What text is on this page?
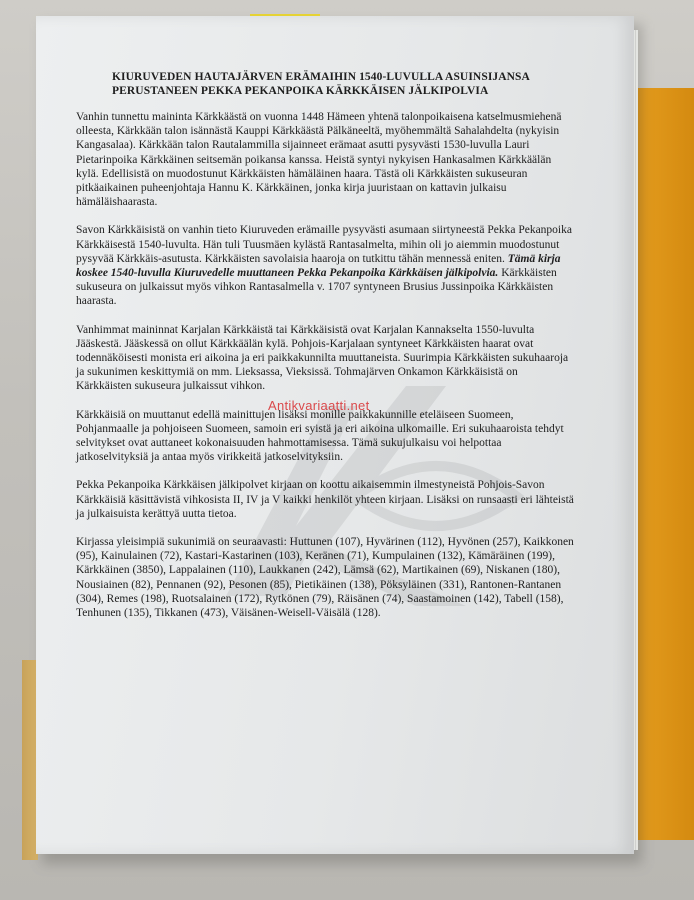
KIURUVEDEN HAUTAJÄRVEN ERÄMAIHIN 1540-LUVULLA ASUINSIJANSA PERUSTANEEN PEKKA PEKANPOIKA KÄRKKÄISEN JÄLKIPOLVIA

Vanhin tunnettu maininta Kärkkäästä on vuonna 1448 Hämeen yhtenä talonpoikaisena katselmusmiehenä olleesta, Kärkkään talon isännästä Kauppi Kärkkäästä Pälkäneeltä, myöhemmältä Sahalahdelta (nykyisin Kangasalaa). Kärkkään talon Rautalammilla sijainneet erämaat asutti pysyvästi 1530-luvulla Lauri Pietarinpoika Kärkkäinen seitsemän poikansa kanssa. Heistä syntyi nykyisen Hankasalmen Kärkkäälän kylä. Edellisistä on muodostunut Kärkkäisten hämäläinen haara. Tästä oli Kärkkäisten sukuseuran pitkäaikainen puheenjohtaja Hannu K. Kärkkäinen, jonka kirja juuristaan on kattavin julkaisu hämäläishaarasta.

Savon Kärkkäisistä on vanhin tieto Kiuruveden erämaille pysyvästi asumaan siirtyneestä Pekka Pekanpoika Kärkkäisestä 1540-luvulta. Hän tuli Tuusmäen kylästä Rantasalmelta, mihin oli jo aiemmin muodostunut pysyvää Kärkkäis-asutusta. Kärkkäisten savolaisia haaroja on tutkittu tähän mennessä eniten. Tämä kirja koskee 1540-luvulla Kiuruvedelle muuttaneen Pekka Pekanpoika Kärkkäisen jälkipolvia. Kärkkäisten sukuseura on julkaissut myös vihkon Rantasalmella v. 1707 syntyneen Brusius Jussinpoika Kärkkäisten haarasta.

Vanhimmat maininnat Karjalan Kärkkäistä tai Kärkkäisistä ovat Karjalan Kannakselta 1550-luvulta Jääskestä. Jääskessä on ollut Kärkkäälän kylä. Pohjois-Karjalaan syntyneet Kärkkäisten haarat ovat todennäköisesti monista eri aikoina ja eri paikkakunnilta muuttaneista. Suurimpia Kärkkäisten sukuhaaroja ja sukunimen keskittymiä on mm. Lieksassa, Vieksissä. Tohmajärven Onkamon Kärkkäisistä on Kärkkäisten sukuseura julkaissut vihkon.

Kärkkäisiä on muuttanut edellä mainittujen lisäksi monille paikkakunnille eteläiseen Suomeen, Pohjanmaalle ja pohjoiseen Suomeen, samoin eri syistä ja eri aikoina ulkomaille. Eri sukuhaaroista tehdyt selvitykset ovat auttaneet kokonaisuuden hahmottamisessa. Tämä sukujulkaisu voi helpottaa jatkoselvityksiä ja antaa myös virikkeitä jatkoselvityksiin.

Pekka Pekanpoika Kärkkäisen jälkipolvet kirjaan on koottu aikaisemmin ilmestyneistä Pohjois-Savon Kärkkäisiä käsittävistä vihkosista II, IV ja V kaikki henkilöt yhteen kirjaan. Lisäksi on runsaasti eri lähteistä ja julkaisuista kerättyä uutta tietoa.

Kirjassa yleisimpiä sukunimiä on seuraavasti: Huttunen (107), Hyvärinen (112), Hyvönen (257), Kaikkonen (95), Kainulainen (72), Kastari-Kastarinen (103), Keränen (71), Kumpulainen (132), Kämäräinen (199), Kärkkäinen (3850), Lappalainen (110), Laukkanen (242), Lämsä (62), Martikainen (69), Niskanen (180), Nousiainen (82), Pennanen (92), Pesonen (85), Pietikäinen (138), Pöksyläinen (331), Rantonen-Rantanen (304), Remes (198), Ruotsalainen (172), Rytkönen (79), Räisänen (74), Saastamoinen (142), Tabell (158), Tenhunen (135), Tikkanen (473), Väisänen-Weisell-Väisälä (128).

Antikvariaatti.net
